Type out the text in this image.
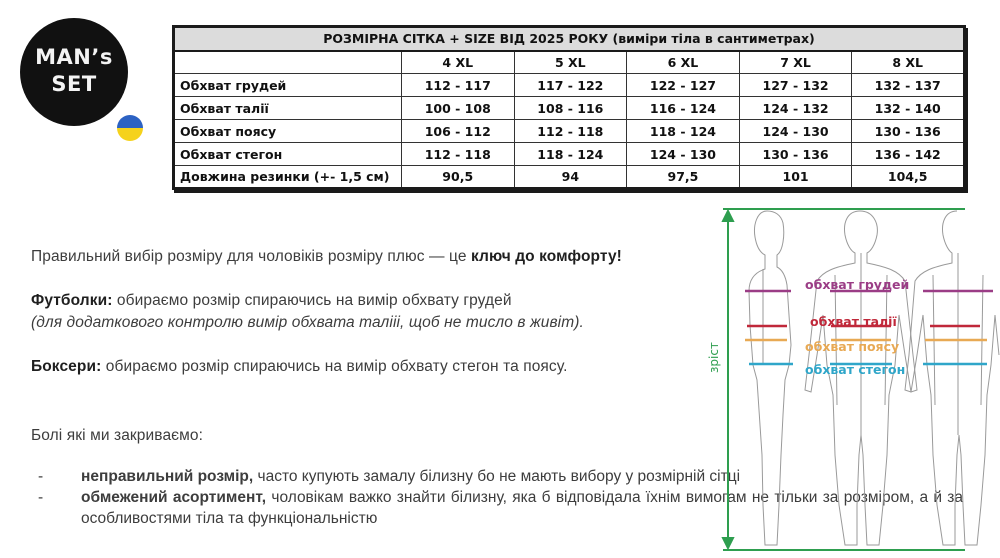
MAN’s
SET
РОЗМІРНА СІТКА + SIZE ВІД 2025 РОКУ (виміри тіла в сантиметрах)					
	4 XL	5 XL	6 XL	7 XL	8 XL
Обхват грудей	112 - 117	117 - 122	122 - 127	127 - 132	132 - 137
Обхват талії	100 - 108	108 - 116	116 - 124	124 - 132	132 - 140
Обхват поясу	106 - 112	112 - 118	118 - 124	124 - 130	130 - 136
Обхват стегон	112 - 118	118 - 124	124 - 130	130 - 136	136 - 142
Довжина резинки (+- 1,5 см)	90,5	94	97,5	101	104,5
Правильний вибір розміру для чоловіків розміру плюс — це ключ до комфорту!
Футболки: обираємо розмір спираючись на вимір обхвату грудей
(для додаткового контролю вимір обхвата талііі, щоб не тисло в живіт).
Боксери: обираємо розмір спираючись на вимір обхвату стегон та поясу.
Болі які ми закриваємо:
- неправильний розмір, часто купують замалу білизну бо не мають вибору у розмірній сітці
- обмежений асортимент, чоловікам важко знайти білизну, яка б відповідала їхнім вимогам не тільки за розміром, а й за особливостями тіла та функціональністю
зріст
обхват грудей
обхват талії
обхват поясу
обхват стегон
